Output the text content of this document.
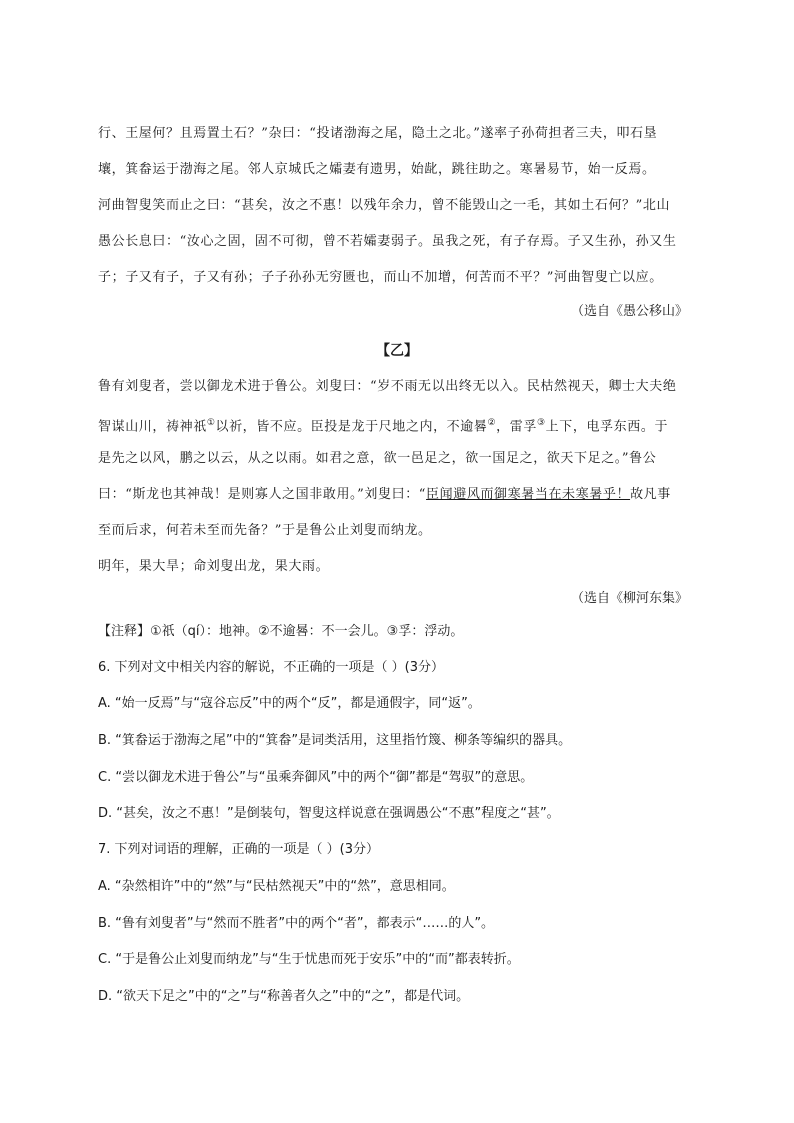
行、王屋何？且焉置土石？”杂曰：“投诸渤海之尾，隐土之北。”遂率子孙荷担者三夫，叩石垦
壤，箕畚运于渤海之尾。邻人京城氏之孀妻有遗男，始龀，跳往助之。寒暑易节，始一反焉。
河曲智叟笑而止之曰：“甚矣，汝之不惠！以残年余力，曾不能毁山之一毛，其如土石何？”北山
愚公长息曰：“汝心之固，固不可彻，曾不若孀妻弱子。虽我之死，有子存焉。子又生孙，孙又生
子；子又有子，子又有孙；子子孙孙无穷匮也，而山不加增，何苦而不平？”河曲智叟亡以应。
（选自《愚公移山》
【乙】
鲁有刘叟者，尝以御龙术进于鲁公。刘叟曰：“岁不雨无以出终无以入。民枯然视天，卿士大夫绝
智谋山川，祷神祇①以祈，皆不应。臣投是龙于尺地之内，不逾晷②，雷孚③上下，电孚东西。于
是先之以风，鹏之以云，从之以雨。如君之意，欲一邑足之，欲一国足之，欲天下足之。”鲁公
曰：“斯龙也其神哉！是则寡人之国非敢用。”刘叟曰：“臣闻避风而御寒暑当在未寒暑乎！故凡事
至而后求，何若未至而先备？”于是鲁公止刘叟而纳龙。
明年，果大旱；命刘叟出龙，果大雨。
（选自《柳河东集》
【注释】①祇（qí）：地神。②不逾晷：不一会儿。③孚：浮动。
6. 下列对文中相关内容的解说，不正确的一项是（ ）(3分）
A. “始一反焉”与“寇谷忘反”中的两个“反”，都是通假字，同“返”。
B. “箕畚运于渤海之尾”中的“箕畚”是词类活用，这里指竹篾、柳条等编织的器具。
C. “尝以御龙术进于鲁公”与“虽乘奔御风”中的两个“御”都是“驾驭”的意思。
D. “甚矣，汝之不惠！”是倒装句，智叟这样说意在强调愚公“不惠”程度之“甚”。
7. 下列对词语的理解，正确的一项是（ ）(3分）
A. “杂然相许”中的“然”与“民枯然视天”中的“然”，意思相同。
B. “鲁有刘叟者”与“然而不胜者”中的两个“者”，都表示“……的人”。
C. “于是鲁公止刘叟而纳龙”与“生于忧患而死于安乐”中的“而”都表转折。
D. “欲天下足之”中的“之”与“称善者久之”中的“之”，都是代词。
